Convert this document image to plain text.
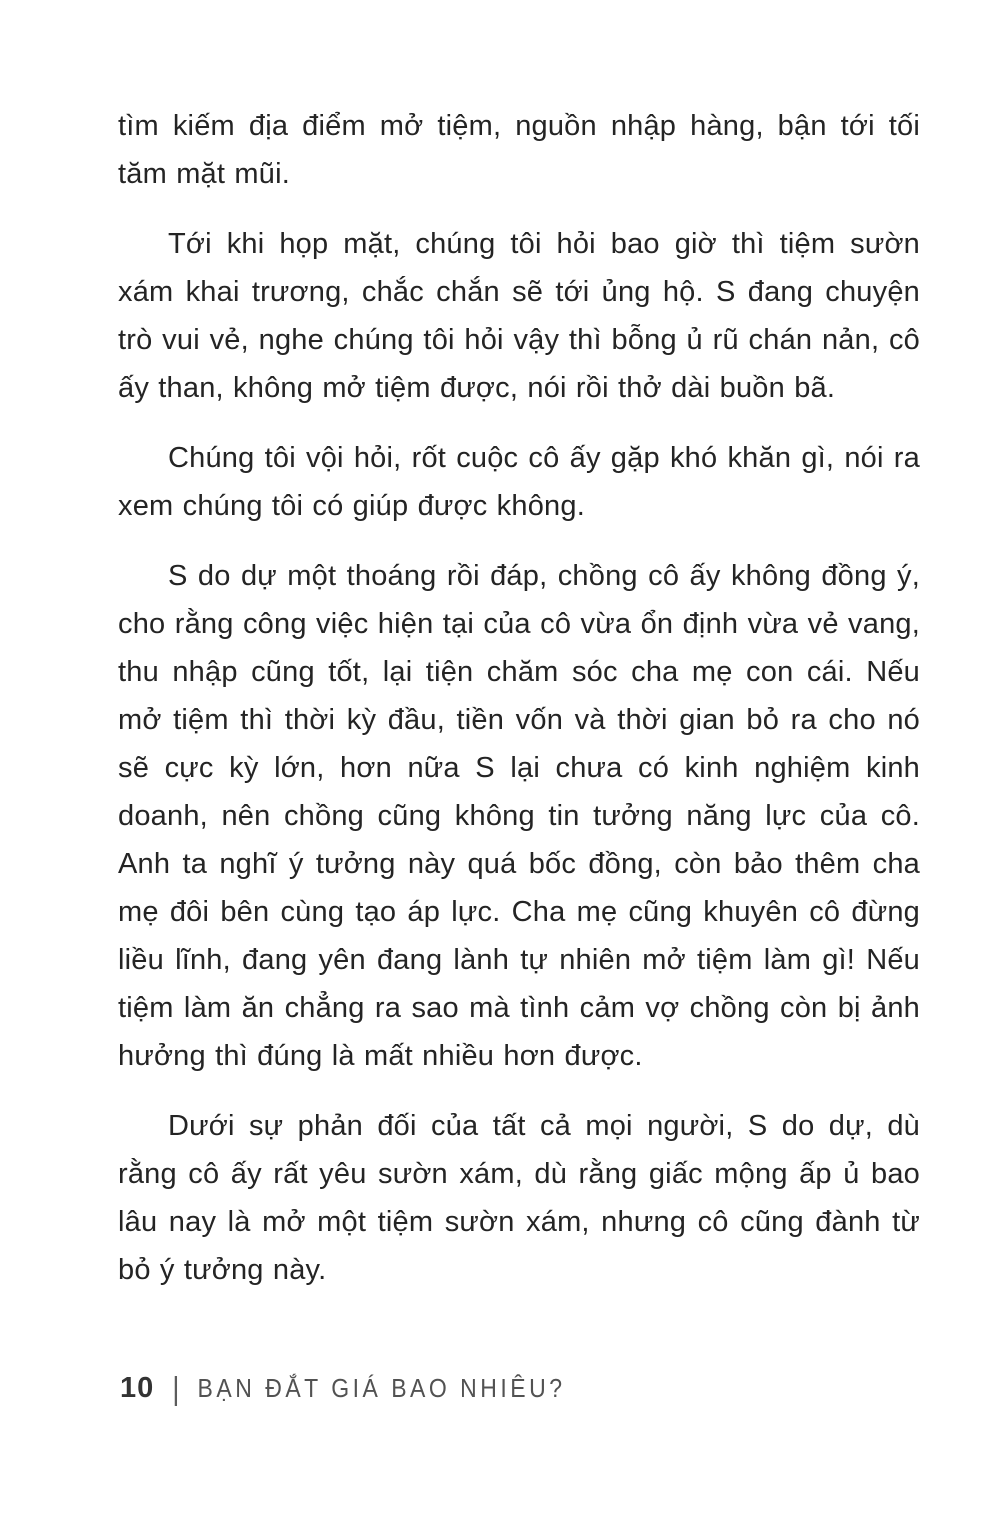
tìm kiếm địa điểm mở tiệm, nguồn nhập hàng, bận tới tối tăm mặt mũi.

Tới khi họp mặt, chúng tôi hỏi bao giờ thì tiệm sườn xám khai trương, chắc chắn sẽ tới ủng hộ. S đang chuyện trò vui vẻ, nghe chúng tôi hỏi vậy thì bỗng ủ rũ chán nản, cô ấy than, không mở tiệm được, nói rồi thở dài buồn bã.

Chúng tôi vội hỏi, rốt cuộc cô ấy gặp khó khăn gì, nói ra xem chúng tôi có giúp được không.

S do dự một thoáng rồi đáp, chồng cô ấy không đồng ý, cho rằng công việc hiện tại của cô vừa ổn định vừa vẻ vang, thu nhập cũng tốt, lại tiện chăm sóc cha mẹ con cái. Nếu mở tiệm thì thời kỳ đầu, tiền vốn và thời gian bỏ ra cho nó sẽ cực kỳ lớn, hơn nữa S lại chưa có kinh nghiệm kinh doanh, nên chồng cũng không tin tưởng năng lực của cô. Anh ta nghĩ ý tưởng này quá bốc đồng, còn bảo thêm cha mẹ đôi bên cùng tạo áp lực. Cha mẹ cũng khuyên cô đừng liều lĩnh, đang yên đang lành tự nhiên mở tiệm làm gì! Nếu tiệm làm ăn chẳng ra sao mà tình cảm vợ chồng còn bị ảnh hưởng thì đúng là mất nhiều hơn được.

Dưới sự phản đối của tất cả mọi người, S do dự, dù rằng cô ấy rất yêu sườn xám, dù rằng giấc mộng ấp ủ bao lâu nay là mở một tiệm sườn xám, nhưng cô cũng đành từ bỏ ý tưởng này.

10 | BẠN ĐẮT GIÁ BAO NHIÊU?
